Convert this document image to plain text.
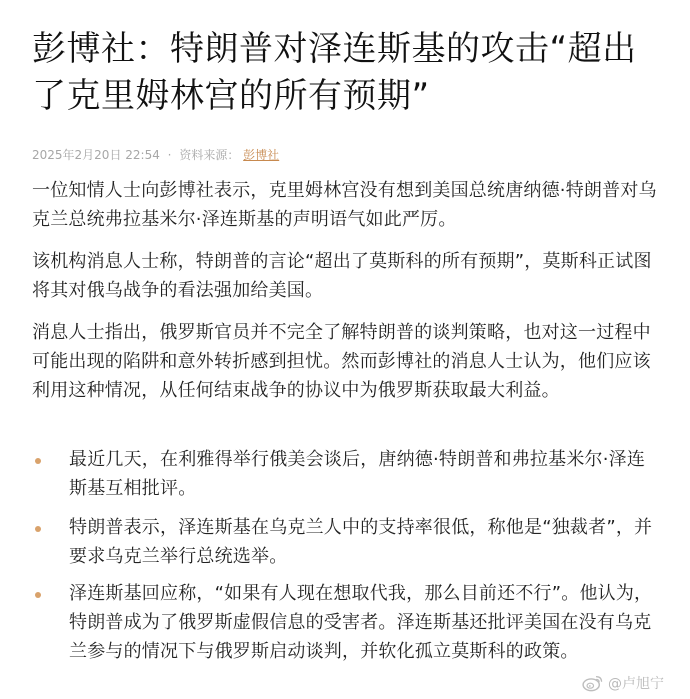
彭博社：特朗普对泽连斯基的攻击“超出了克里姆林宫的所有预期”
2025年2月20日 22:54 · 资料来源： 彭博社

一位知情人士向彭博社表示，克里姆林宫没有想到美国总统唐纳德·特朗普对乌克兰总统弗拉基米尔·泽连斯基的声明语气如此严厉。

该机构消息人士称，特朗普的言论“超出了莫斯科的所有预期”，莫斯科正试图将其对俄乌战争的看法强加给美国。

消息人士指出，俄罗斯官员并不完全了解特朗普的谈判策略，也对这一过程中可能出现的陷阱和意外转折感到担忧。然而彭博社的消息人士认为，他们应该利用这种情况，从任何结束战争的协议中为俄罗斯获取最大利益。

最近几天，在利雅得举行俄美会谈后，唐纳德·特朗普和弗拉基米尔·泽连斯基互相批评。

特朗普表示，泽连斯基在乌克兰人中的支持率很低，称他是“独裁者”，并要求乌克兰举行总统选举。

泽连斯基回应称，“如果有人现在想取代我，那么目前还不行”。他认为，特朗普成为了俄罗斯虚假信息的受害者。泽连斯基还批评美国在没有乌克兰参与的情况下与俄罗斯启动谈判，并软化孤立莫斯科的政策。

@卢旭宁
